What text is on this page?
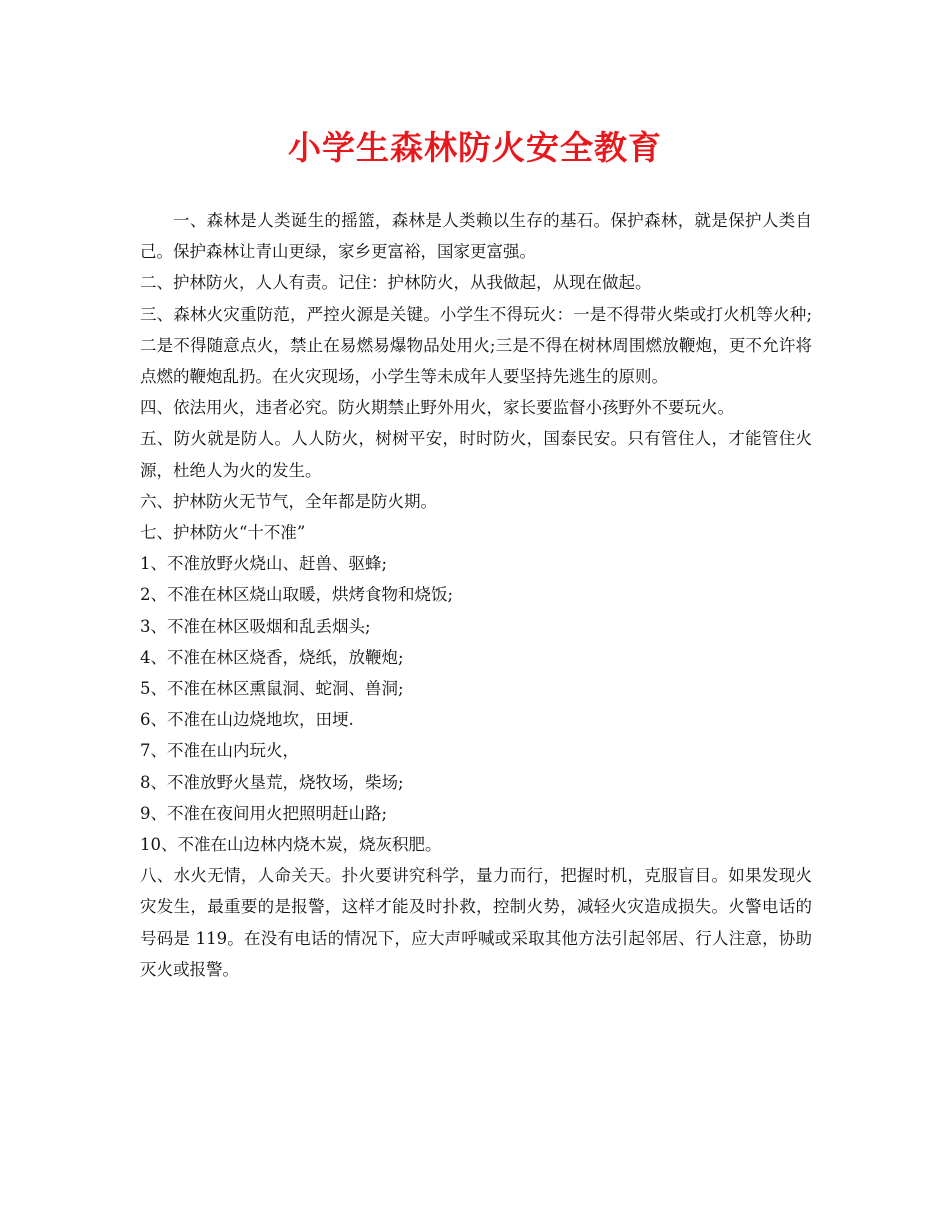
小学生森林防火安全教育

一、森林是人类诞生的摇篮，森林是人类赖以生存的基石。保护森林，就是保护人类自己。保护森林让青山更绿，家乡更富裕，国家更富强。

二、护林防火，人人有责。记住：护林防火，从我做起，从现在做起。

三、森林火灾重防范，严控火源是关键。小学生不得玩火：一是不得带火柴或打火机等火种;二是不得随意点火，禁止在易燃易爆物品处用火;三是不得在树林周围燃放鞭炮，更不允许将点燃的鞭炮乱扔。在火灾现场，小学生等未成年人要坚持先逃生的原则。

四、依法用火，违者必究。防火期禁止野外用火，家长要监督小孩野外不要玩火。

五、防火就是防人。人人防火，树树平安，时时防火，国泰民安。只有管住人，才能管住火源，杜绝人为火的发生。

六、护林防火无节气，全年都是防火期。

七、护林防火“十不准”

1、不准放野火烧山、赶兽、驱蜂;

2、不准在林区烧山取暖，烘烤食物和烧饭;

3、不准在林区吸烟和乱丢烟头;

4、不准在林区烧香，烧纸，放鞭炮;

5、不准在林区熏鼠洞、蛇洞、兽洞;

6、不准在山边烧地坎，田埂.

7、不准在山内玩火，

8、不准放野火垦荒，烧牧场，柴场;

9、不准在夜间用火把照明赶山路;

10、不准在山边林内烧木炭，烧灰积肥。

八、水火无情，人命关天。扑火要讲究科学，量力而行，把握时机，克服盲目。如果发现火灾发生，最重要的是报警，这样才能及时扑救，控制火势，减轻火灾造成损失。火警电话的号码是 119。在没有电话的情况下，应大声呼喊或采取其他方法引起邻居、行人注意，协助灭火或报警。
